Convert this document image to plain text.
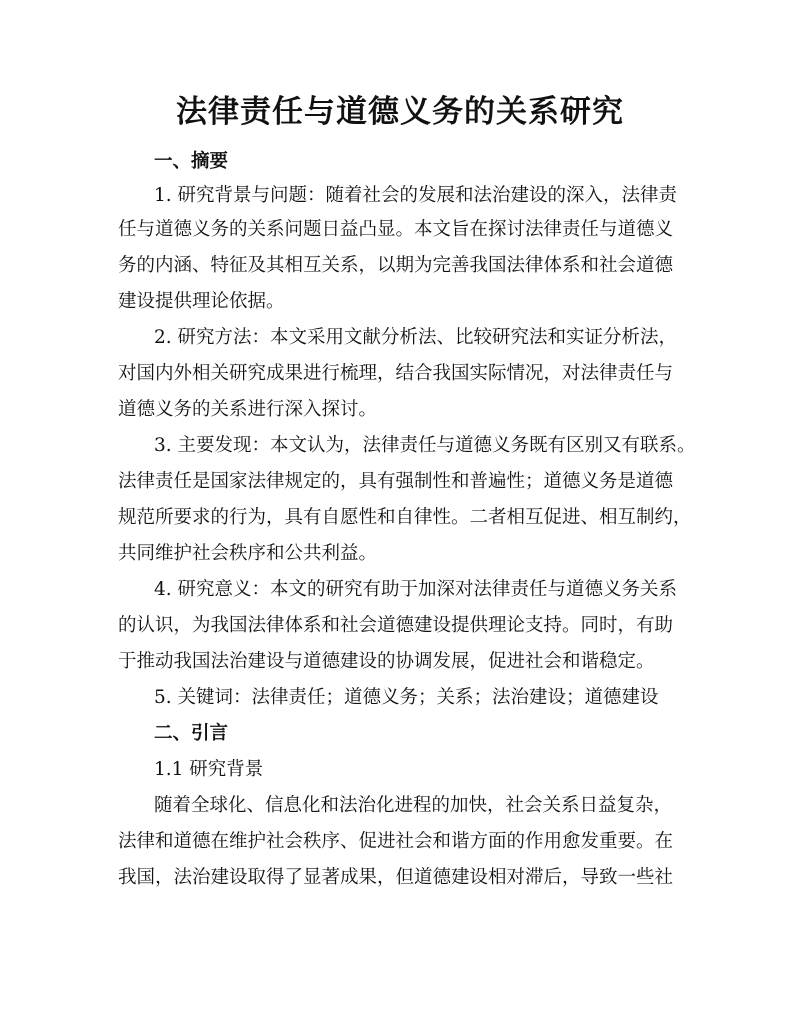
法律责任与道德义务的关系研究
一、摘要
1. 研究背景与问题：随着社会的发展和法治建设的深入，法律责
任与道德义务的关系问题日益凸显。本文旨在探讨法律责任与道德义
务的内涵、特征及其相互关系，以期为完善我国法律体系和社会道德
建设提供理论依据。
2. 研究方法：本文采用文献分析法、比较研究法和实证分析法，
对国内外相关研究成果进行梳理，结合我国实际情况，对法律责任与
道德义务的关系进行深入探讨。
3. 主要发现：本文认为，法律责任与道德义务既有区别又有联系。
法律责任是国家法律规定的，具有强制性和普遍性；道德义务是道德
规范所要求的行为，具有自愿性和自律性。二者相互促进、相互制约，
共同维护社会秩序和公共利益。
4. 研究意义：本文的研究有助于加深对法律责任与道德义务关系
的认识，为我国法律体系和社会道德建设提供理论支持。同时，有助
于推动我国法治建设与道德建设的协调发展，促进社会和谐稳定。
5. 关键词：法律责任；道德义务；关系；法治建设；道德建设
二、引言
1.1 研究背景
随着全球化、信息化和法治化进程的加快，社会关系日益复杂，
法律和道德在维护社会秩序、促进社会和谐方面的作用愈发重要。在
我国，法治建设取得了显著成果，但道德建设相对滞后，导致一些社
